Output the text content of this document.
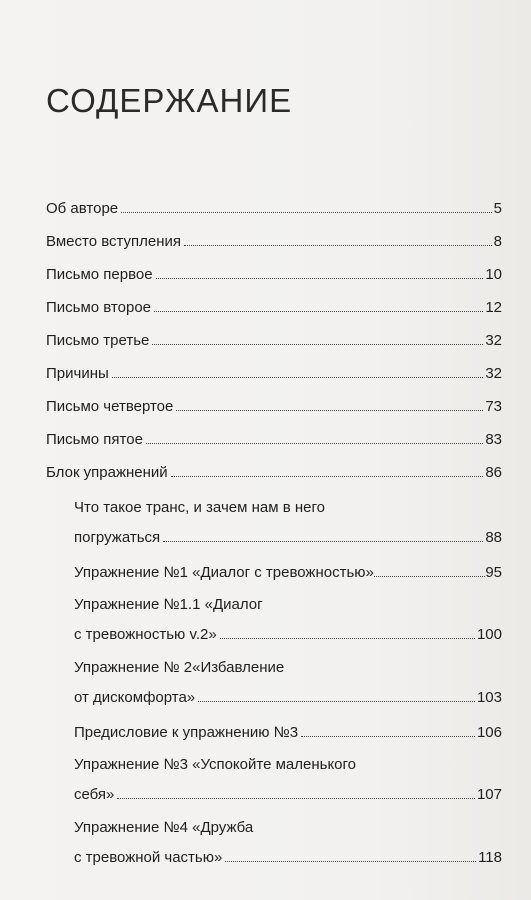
СОДЕРЖАНИЕ
Об авторе	5
Вместо вступления	8
Письмо первое	10
Письмо второе	12
Письмо третье	32
Причины	32
Письмо четвертое	73
Письмо пятое	83
Блок упражнений	86
Что такое транс, и зачем нам в него
погружаться	88
Упражнение №1 «Диалог с тревожностью»	95
Упражнение №1.1 «Диалог
с тревожностью v.2»	100
Упражнение № 2«Избавление
от дискомфорта»	103
Предисловие к упражнению №3	106
Упражнение №3 «Успокойте маленького
себя»	107
Упражнение №4 «Дружба
с тревожной частью»	118
